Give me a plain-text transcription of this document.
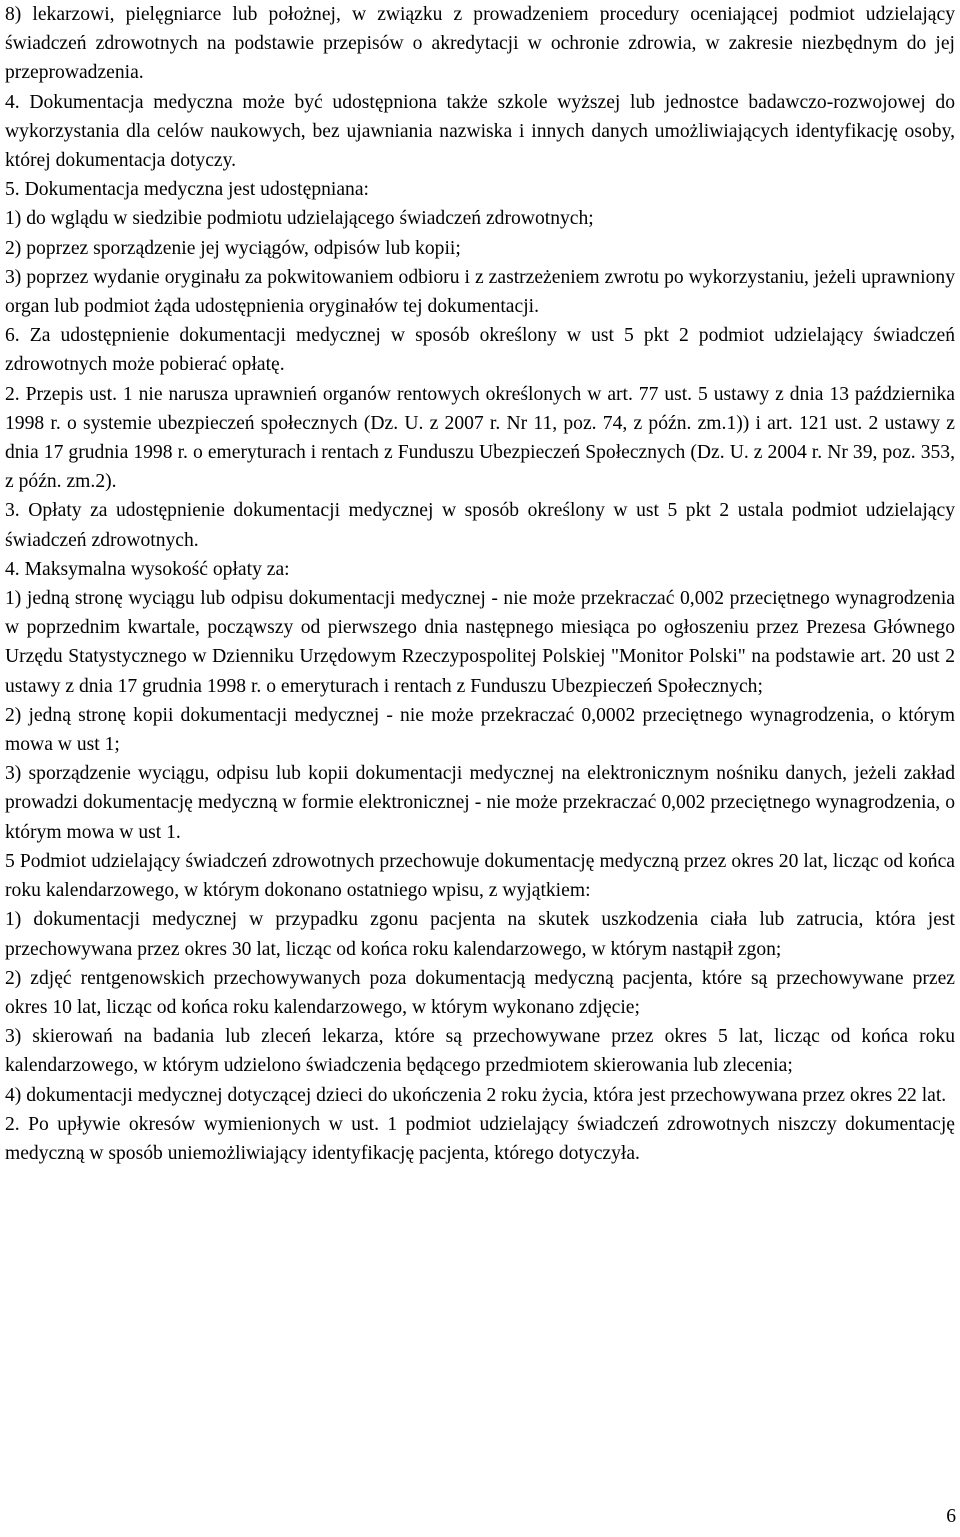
8) lekarzowi, pielęgniarce lub położnej, w związku z prowadzeniem procedury oceniającej podmiot udzielający świadczeń zdrowotnych na podstawie przepisów o akredytacji w ochronie zdrowia, w zakresie niezbędnym do jej przeprowadzenia.

4. Dokumentacja medyczna może być udostępniona także szkole wyższej lub jednostce badawczo-rozwojowej do wykorzystania dla celów naukowych, bez ujawniania nazwiska i innych danych umożliwiających identyfikację osoby, której dokumentacja dotyczy.

5. Dokumentacja medyczna jest udostępniana:

1) do wglądu w siedzibie podmiotu udzielającego świadczeń zdrowotnych;

2) poprzez sporządzenie jej wyciągów, odpisów lub kopii;

3) poprzez wydanie oryginału za pokwitowaniem odbioru i z zastrzeżeniem zwrotu po wykorzystaniu, jeżeli uprawniony organ lub podmiot żąda udostępnienia oryginałów tej dokumentacji.

6. Za udostępnienie dokumentacji medycznej w sposób określony w ust 5 pkt 2 podmiot udzielający świadczeń zdrowotnych może pobierać opłatę.

2. Przepis ust. 1 nie narusza uprawnień organów rentowych określonych w art. 77 ust. 5 ustawy z dnia 13 października 1998 r. o systemie ubezpieczeń społecznych (Dz. U. z 2007 r. Nr 11, poz. 74, z późn. zm.1)) i art. 121 ust. 2 ustawy z dnia 17 grudnia 1998 r. o emeryturach i rentach z Funduszu Ubezpieczeń Społecznych (Dz. U. z 2004 r. Nr 39, poz. 353, z późn. zm.2).

3. Opłaty za udostępnienie dokumentacji medycznej w sposób określony w ust 5 pkt 2 ustala podmiot udzielający świadczeń zdrowotnych.

4. Maksymalna wysokość opłaty za:

1) jedną stronę wyciągu lub odpisu dokumentacji medycznej - nie może przekraczać 0,002 przeciętnego wynagrodzenia w poprzednim kwartale, począwszy od pierwszego dnia następnego miesiąca po ogłoszeniu przez Prezesa Głównego Urzędu Statystycznego w Dzienniku Urzędowym Rzeczypospolitej Polskiej "Monitor Polski" na podstawie art. 20 ust 2 ustawy z dnia 17 grudnia 1998 r. o emeryturach i rentach z Funduszu Ubezpieczeń Społecznych;

2) jedną stronę kopii dokumentacji medycznej - nie może przekraczać 0,0002 przeciętnego wynagrodzenia, o którym mowa w ust 1;

3) sporządzenie wyciągu, odpisu lub kopii dokumentacji medycznej na elektronicznym nośniku danych, jeżeli zakład prowadzi dokumentację medyczną w formie elektronicznej - nie może przekraczać 0,002 przeciętnego wynagrodzenia, o którym mowa w ust 1.

5 Podmiot udzielający świadczeń zdrowotnych przechowuje dokumentację medyczną przez okres 20 lat, licząc od końca roku kalendarzowego, w którym dokonano ostatniego wpisu, z wyjątkiem:

1) dokumentacji medycznej w przypadku zgonu pacjenta na skutek uszkodzenia ciała lub zatrucia, która jest przechowywana przez okres 30 lat, licząc od końca roku kalendarzowego, w którym nastąpił zgon;

2) zdjęć rentgenowskich przechowywanych poza dokumentacją medyczną pacjenta, które są przechowywane przez okres 10 lat, licząc od końca roku kalendarzowego, w którym wykonano zdjęcie;

3) skierowań na badania lub zleceń lekarza, które są przechowywane przez okres 5 lat, licząc od końca roku kalendarzowego, w którym udzielono świadczenia będącego przedmiotem skierowania lub zlecenia;

4) dokumentacji medycznej dotyczącej dzieci do ukończenia 2 roku życia, która jest przechowywana przez okres 22 lat.

2. Po upływie okresów wymienionych w ust. 1 podmiot udzielający świadczeń zdrowotnych niszczy dokumentację medyczną w sposób uniemożliwiający identyfikację pacjenta, którego dotyczyła.

6
